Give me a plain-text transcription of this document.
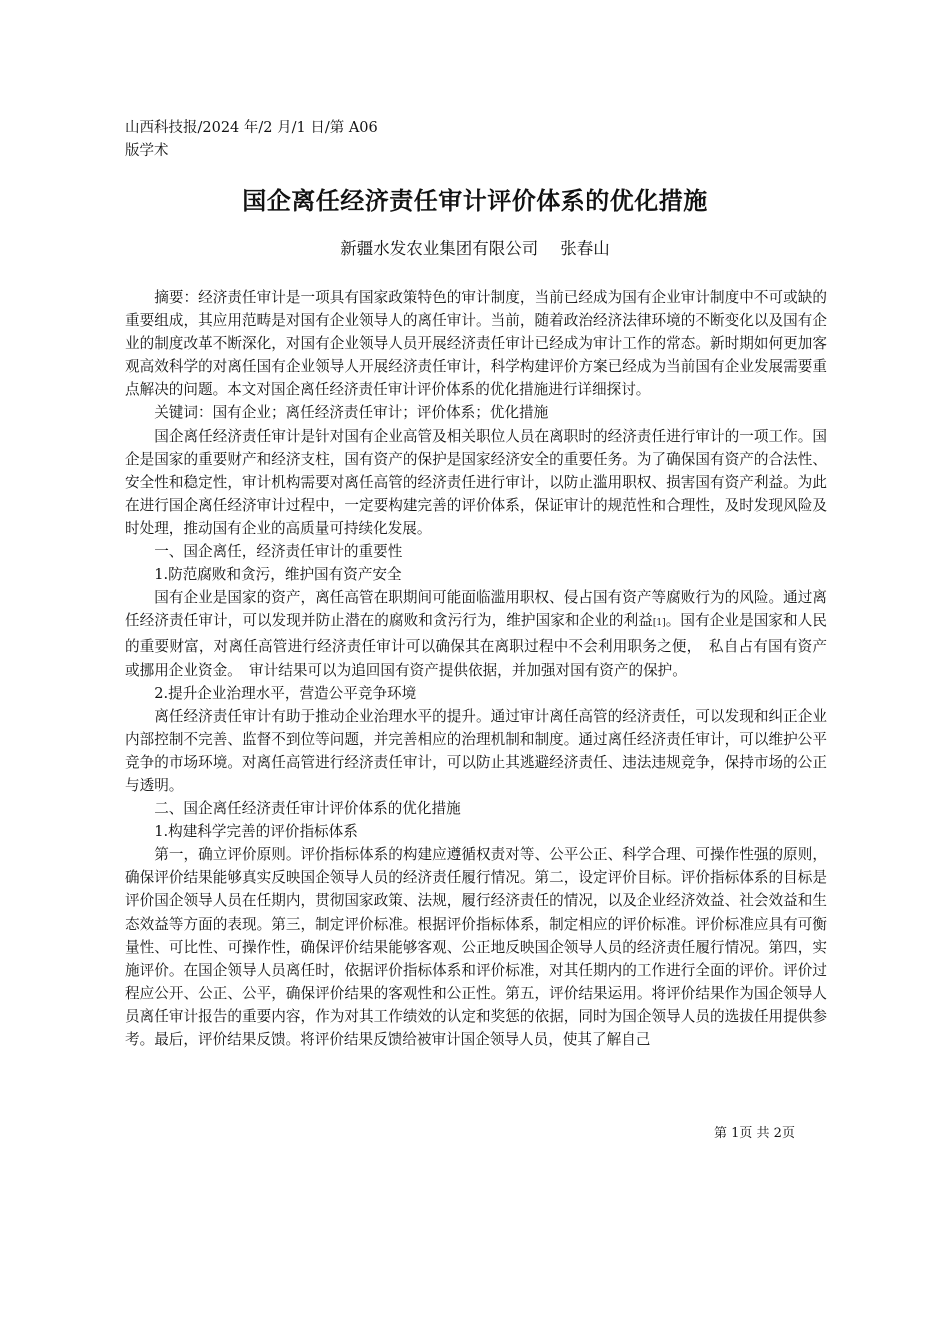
山西科技报/2024 年/2 月/1 日/第 A06
版学术
国企离任经济责任审计评价体系的优化措施
新疆水发农业集团有限公司 张春山

摘要：经济责任审计是一项具有国家政策特色的审计制度，当前已经成为国有企业审计制度中不可或缺的重要组成，其应用范畴是对国有企业领导人的离任审计。当前，随着政治经济法律环境的不断变化以及国有企业的制度改革不断深化，对国有企业领导人员开展经济责任审计已经成为审计工作的常态。新时期如何更加客观高效科学的对离任国有企业领导人开展经济责任审计，科学构建评价方案已经成为当前国有企业发展需要重点解决的问题。本文对国企离任经济责任审计评价体系的优化措施进行详细探讨。

关键词：国有企业；离任经济责任审计；评价体系；优化措施

国企离任经济责任审计是针对国有企业高管及相关职位人员在离职时的经济责任进行审计的一项工作。国企是国家的重要财产和经济支柱，国有资产的保护是国家经济安全的重要任务。为了确保国有资产的合法性、安全性和稳定性，审计机构需要对离任高管的经济责任进行审计，以防止滥用职权、损害国有资产利益。为此在进行国企离任经济审计过程中，一定要构建完善的评价体系，保证审计的规范性和合理性，及时发现风险及时处理，推动国有企业的高质量可持续化发展。

一、国企离任，经济责任审计的重要性

1.防范腐败和贪污，维护国有资产安全

国有企业是国家的资产，离任高管在职期间可能面临滥用职权、侵占国有资产等腐败行为的风险。通过离任经济责任审计，可以发现并防止潜在的腐败和贪污行为，维护国家和企业的利益[1]。国有企业是国家和人民的重要财富，对离任高管进行经济责任审计可以确保其在离职过程中不会利用职务之便，　私自占有国有资产或挪用企业资金。　审计结果可以为追回国有资产提供依据，并加强对国有资产的保护。

2.提升企业治理水平，营造公平竞争环境

离任经济责任审计有助于推动企业治理水平的提升。通过审计离任高管的经济责任，可以发现和纠正企业内部控制不完善、监督不到位等问题，并完善相应的治理机制和制度。通过离任经济责任审计，可以维护公平竞争的市场环境。对离任高管进行经济责任审计，可以防止其逃避经济责任、违法违规竞争，保持市场的公正与透明。

二、国企离任经济责任审计评价体系的优化措施

1.构建科学完善的评价指标体系

第一，确立评价原则。评价指标体系的构建应遵循权责对等、公平公正、科学合理、可操作性强的原则，确保评价结果能够真实反映国企领导人员的经济责任履行情况。第二，设定评价目标。评价指标体系的目标是评价国企领导人员在任期内，贯彻国家政策、法规，履行经济责任的情况，以及企业经济效益、社会效益和生态效益等方面的表现。第三，制定评价标准。根据评价指标体系，制定相应的评价标准。评价标准应具有可衡量性、可比性、可操作性，确保评价结果能够客观、公正地反映国企领导人员的经济责任履行情况。第四，实施评价。在国企领导人员离任时，依据评价指标体系和评价标准，对其任期内的工作进行全面的评价。评价过程应公开、公正、公平，确保评价结果的客观性和公正性。第五，评价结果运用。将评价结果作为国企领导人员离任审计报告的重要内容，作为对其工作绩效的认定和奖惩的依据，同时为国企领导人员的选拔任用提供参考。最后，评价结果反馈。将评价结果反馈给被审计国企领导人员，使其了解自己

第 1页 共 2页
